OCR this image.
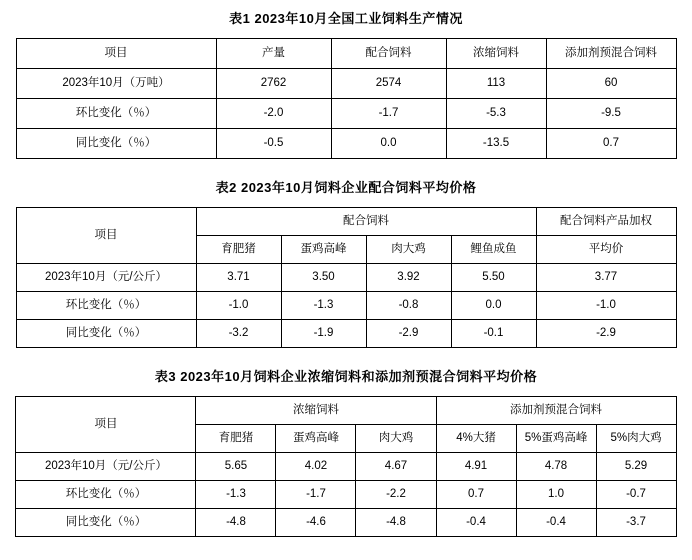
表1 2023年10月全国工业饲料生产情况
项目	产量	配合饲料	浓缩饲料	添加剂预混合饲料
2023年10月（万吨）	2762	2574	113	60
环比变化（％）	-2.0	-1.7	-5.3	-9.5
同比变化（％）	-0.5	0.0	-13.5	0.7
表2 2023年10月饲料企业配合饲料平均价格
项目	配合饲料				配合饲料产品加权
	育肥猪	蛋鸡高峰	肉大鸡	鲤鱼成鱼	平均价
2023年10月（元/公斤）	3.71	3.50	3.92	5.50	3.77
环比变化（％）	-1.0	-1.3	-0.8	0.0	-1.0
同比变化（％）	-3.2	-1.9	-2.9	-0.1	-2.9
表3 2023年10月饲料企业浓缩饲料和添加剂预混合饲料平均价格
项目	浓缩饲料			添加剂预混合饲料		
	育肥猪	蛋鸡高峰	肉大鸡	4%大猪	5%蛋鸡高峰	5%肉大鸡
2023年10月（元/公斤）	5.65	4.02	4.67	4.91	4.78	5.29
环比变化（％）	-1.3	-1.7	-2.2	0.7	1.0	-0.7
同比变化（％）	-4.8	-4.6	-4.8	-0.4	-0.4	-3.7
